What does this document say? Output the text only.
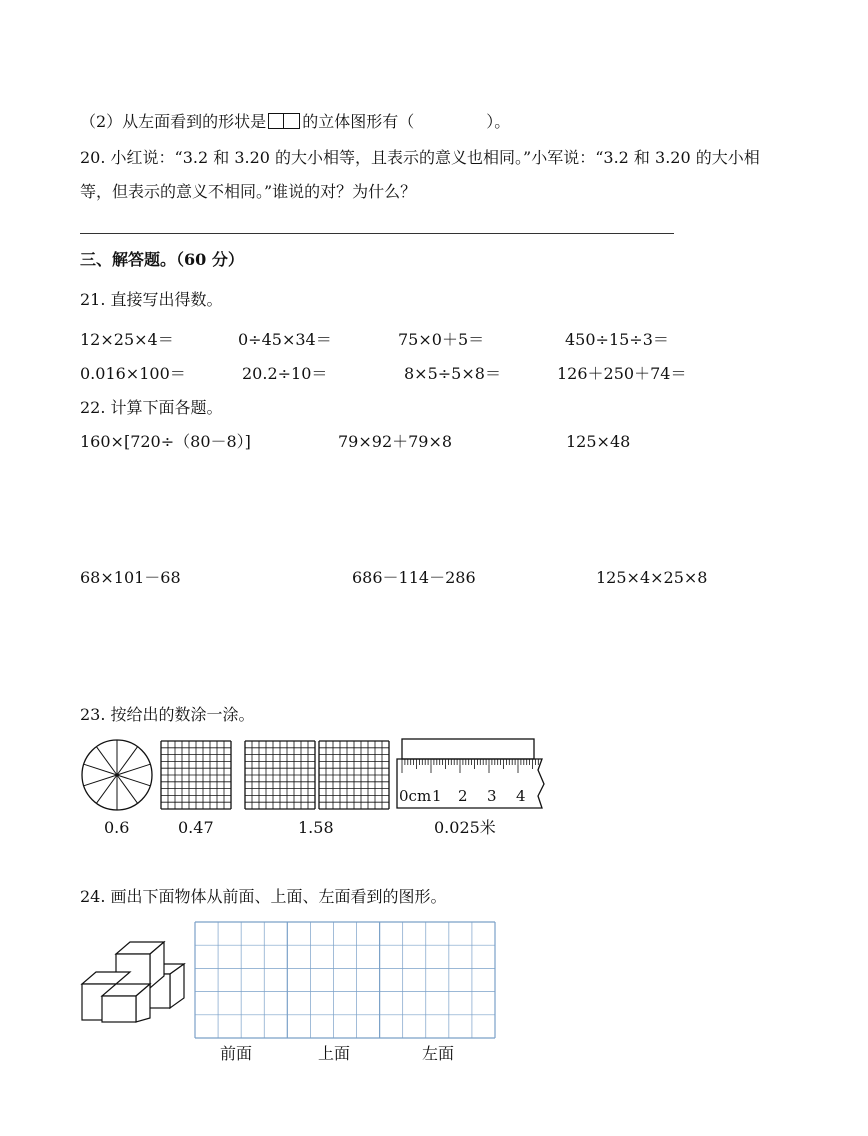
（2）从左面看到的形状是 的立体图形有（	）。
20. 小红说：“3.2 和 3.20 的大小相等，且表示的意义也相同。”小军说：“3.2 和 3.20 的大小相
等，但表示的意义不相同。”谁说的对？为什么？
三、解答题。（60 分）
21. 直接写出得数。
12×25×4＝	0÷45×34＝	75×0＋5＝	450÷15÷3＝
0.016×100＝	20.2÷10＝	8×5÷5×8＝	126＋250＋74＝
22. 计算下面各题。
160×[720÷（80－8）]	79×92＋79×8	125×48
68×101－68	686－114－286	125×4×25×8
23. 按给出的数涂一涂。
0cm 1 2 3 4
0.6	0.47	1.58	0.025米
24. 画出下面物体从前面、上面、左面看到的图形。
前面	上面	左面
